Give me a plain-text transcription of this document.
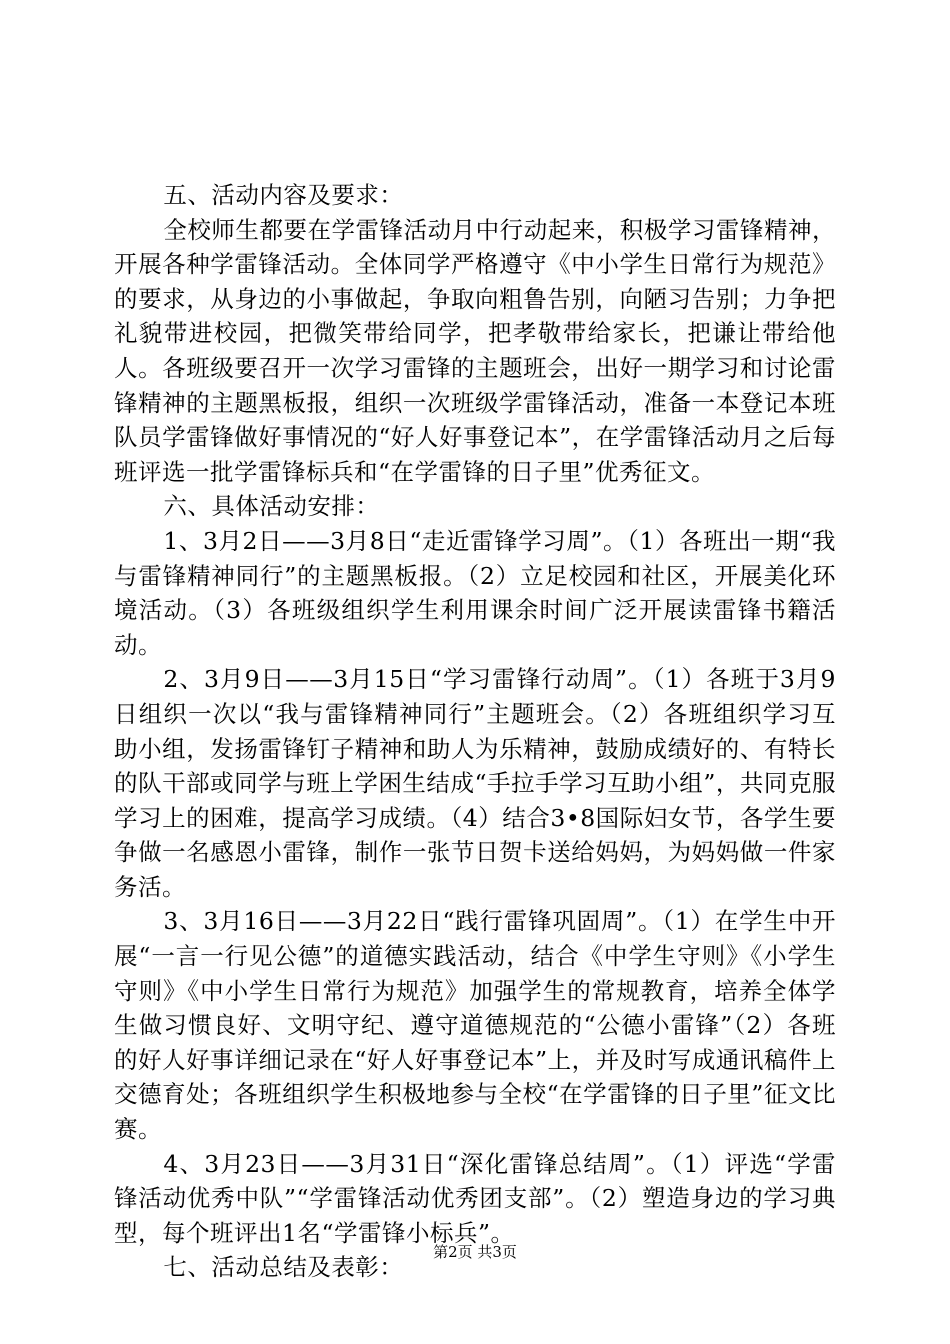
五、活动内容及要求：

全校师生都要在学雷锋活动月中行动起来，积极学习雷锋精神，开展各种学雷锋活动。全体同学严格遵守《中小学生日常行为规范》的要求，从身边的小事做起，争取向粗鲁告别，向陋习告别；力争把礼貌带进校园，把微笑带给同学，把孝敬带给家长，把谦让带给他人。各班级要召开一次学习雷锋的主题班会，出好一期学习和讨论雷锋精神的主题黑板报，组织一次班级学雷锋活动，准备一本登记本班队员学雷锋做好事情况的“好人好事登记本”，在学雷锋活动月之后每班评选一批学雷锋标兵和“在学雷锋的日子里”优秀征文。

六、具体活动安排：

1、3月2日——3月8日“走近雷锋学习周”。（1）各班出一期“我与雷锋精神同行”的主题黑板报。（2）立足校园和社区，开展美化环境活动。（3）各班级组织学生利用课余时间广泛开展读雷锋书籍活动。

2、3月9日——3月15日“学习雷锋行动周”。（1）各班于3月9日组织一次以“我与雷锋精神同行”主题班会。（2）各班组织学习互助小组，发扬雷锋钉子精神和助人为乐精神，鼓励成绩好的、有特长的队干部或同学与班上学困生结成“手拉手学习互助小组”，共同克服学习上的困难，提高学习成绩。（4）结合3•8国际妇女节，各学生要争做一名感恩小雷锋，制作一张节日贺卡送给妈妈，为妈妈做一件家务活。

3、3月16日——3月22日“践行雷锋巩固周”。（1）在学生中开展“一言一行见公德”的道德实践活动，结合《中学生守则》《小学生守则》《中小学生日常行为规范》加强学生的常规教育，培养全体学生做习惯良好、文明守纪、遵守道德规范的“公德小雷锋”（2）各班的好人好事详细记录在“好人好事登记本”上，并及时写成通讯稿件上交德育处；各班组织学生积极地参与全校“在学雷锋的日子里”征文比赛。

4、3月23日——3月31日“深化雷锋总结周”。（1）评选“学雷锋活动优秀中队”“学雷锋活动优秀团支部”。（2）塑造身边的学习典型，每个班评出1名“学雷锋小标兵”。

七、活动总结及表彰：

第2页 共3页
